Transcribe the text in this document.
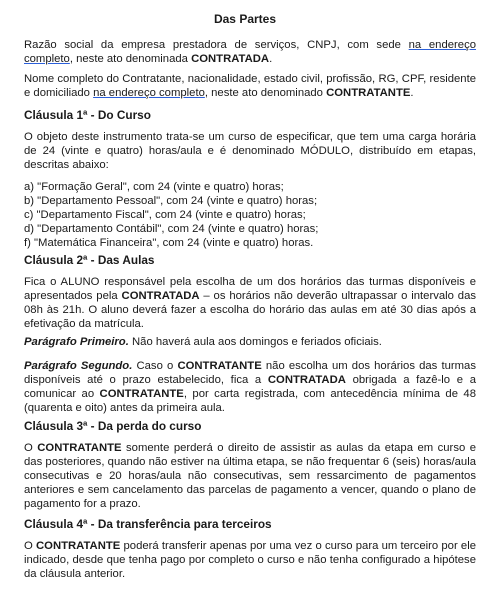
Das Partes
Razão social da empresa prestadora de serviços, CNPJ, com sede na endereço completo, neste ato denominada CONTRATADA.
Nome completo do Contratante, nacionalidade, estado civil, profissão, RG, CPF, residente e domiciliado na endereço completo, neste ato denominado CONTRATANTE.
Cláusula 1ª - Do Curso
O objeto deste instrumento trata-se um curso de especificar, que tem uma carga horária de 24 (vinte e quatro) horas/aula e é denominado MÓDULO, distribuído em etapas, descritas abaixo:
a) "Formação Geral", com 24 (vinte e quatro) horas;
b) "Departamento Pessoal", com 24 (vinte e quatro) horas;
c) "Departamento Fiscal", com 24 (vinte e quatro) horas;
d) "Departamento Contábil", com 24 (vinte e quatro) horas;
f) "Matemática Financeira", com 24 (vinte e quatro) horas.
Cláusula 2ª - Das Aulas
Fica o ALUNO responsável pela escolha de um dos horários das turmas disponíveis e apresentados pela CONTRATADA – os horários não deverão ultrapassar o intervalo das 08h às 21h. O aluno deverá fazer a escolha do horário das aulas em até 30 dias após a efetivação da matrícula.
Parágrafo Primeiro. Não haverá aula aos domingos e feriados oficiais.
Parágrafo Segundo. Caso o CONTRATANTE não escolha um dos horários das turmas disponíveis até o prazo estabelecido, fica a CONTRATADA obrigada a fazê-lo e a comunicar ao CONTRATANTE, por carta registrada, com antecedência mínima de 48 (quarenta e oito) antes da primeira aula.
Cláusula 3ª - Da perda do curso
O CONTRATANTE somente perderá o direito de assistir as aulas da etapa em curso e das posteriores, quando não estiver na última etapa, se não frequentar 6 (seis) horas/aula consecutivas e 20 horas/aula não consecutivas, sem ressarcimento de pagamentos anteriores e sem cancelamento das parcelas de pagamento a vencer, quando o plano de pagamento for a prazo.
Cláusula 4ª - Da transferência para terceiros
O CONTRATANTE poderá transferir apenas por uma vez o curso para um terceiro por ele indicado, desde que tenha pago por completo o curso e não tenha configurado a hipótese da cláusula anterior.
